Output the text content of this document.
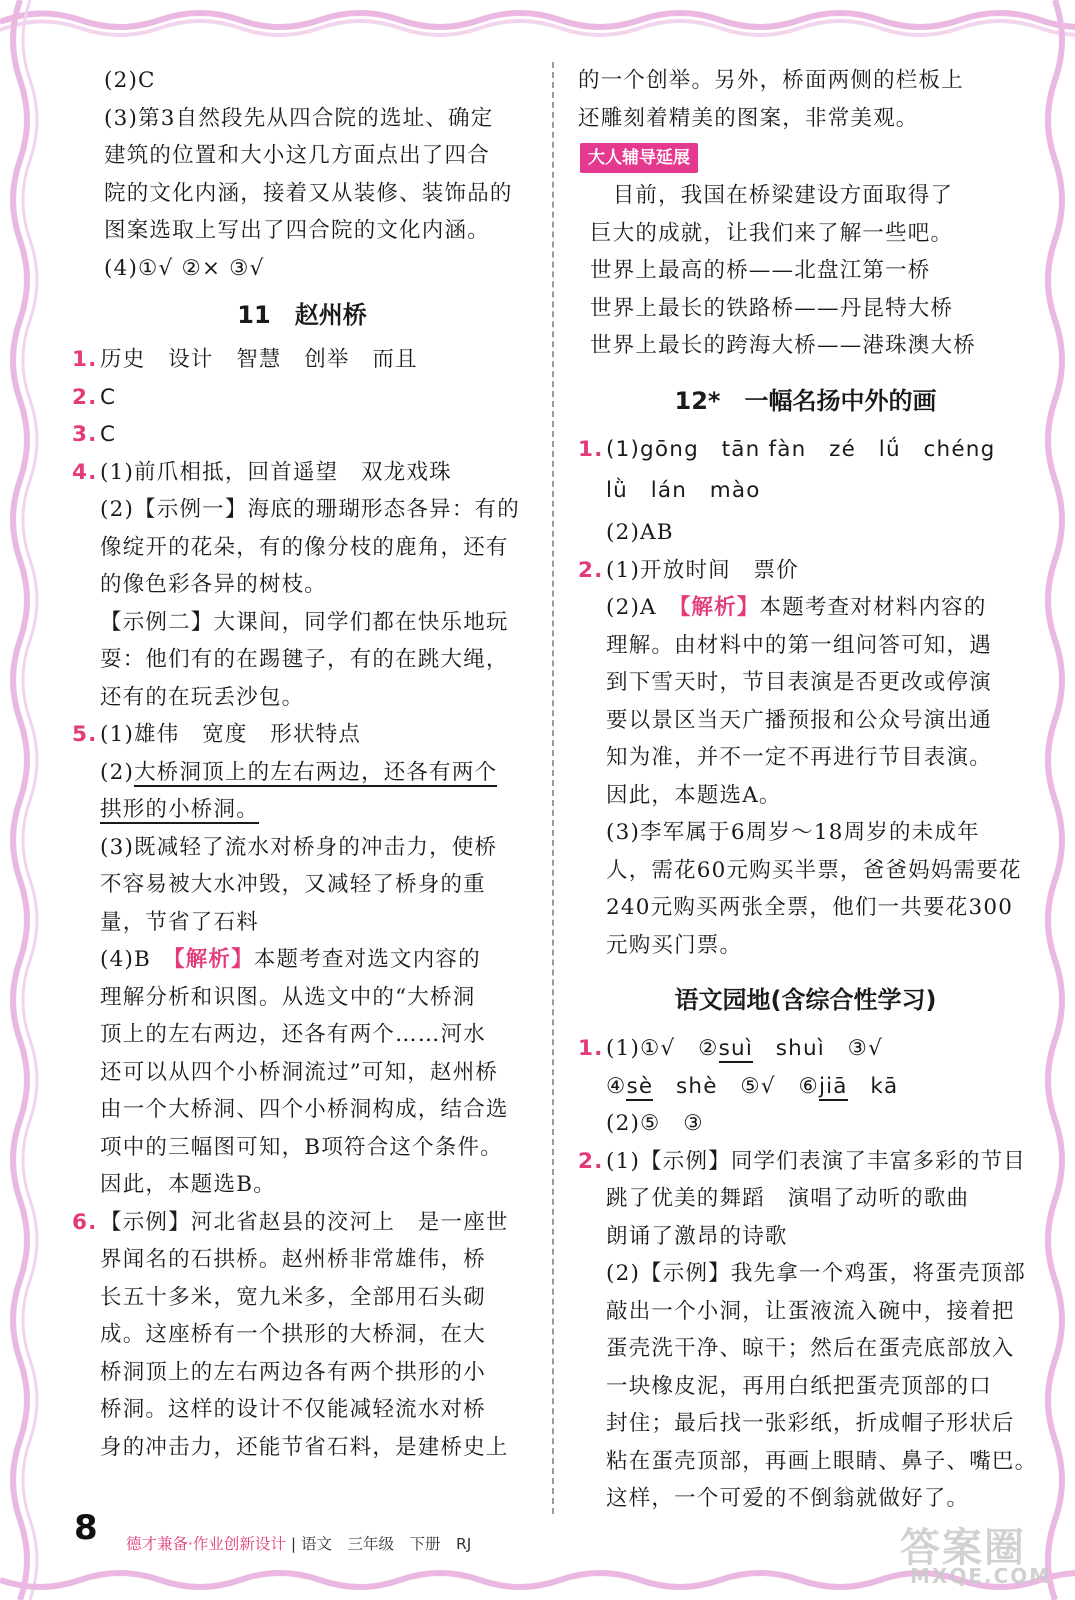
(2)C
(3)第3自然段先从四合院的选址、确定
建筑的位置和大小这几方面点出了四合
院的文化内涵，接着又从装修、装饰品的
图案选取上写出了四合院的文化内涵。
(4)①√ ②× ③√
11　赵州桥
1. 历史　设计　智慧　创举　而且
2. C
3. C
4. (1)前爪相抵，回首遥望　双龙戏珠
(2)【示例一】海底的珊瑚形态各异：有的
像绽开的花朵，有的像分枝的鹿角，还有
的像色彩各异的树枝。
【示例二】大课间，同学们都在快乐地玩
耍：他们有的在踢毽子，有的在跳大绳，
还有的在玩丢沙包。
5. (1)雄伟　宽度　形状特点
(2)大桥洞顶上的左右两边，还各有两个
拱形的小桥洞。
(3)既减轻了流水对桥身的冲击力，使桥
不容易被大水冲毁，又减轻了桥身的重
量，节省了石料
(4)B　【解析】本题考查对选文内容的
理解分析和识图。从选文中的“大桥洞
顶上的左右两边，还各有两个……河水
还可以从四个小桥洞流过”可知，赵州桥
由一个大桥洞、四个小桥洞构成，结合选
项中的三幅图可知，B项符合这个条件。
因此，本题选B。
6. 【示例】河北省赵县的洨河上　是一座世
界闻名的石拱桥。赵州桥非常雄伟，桥
长五十多米，宽九米多，全部用石头砌
成。这座桥有一个拱形的大桥洞，在大
桥洞顶上的左右两边各有两个拱形的小
桥洞。这样的设计不仅能减轻流水对桥
身的冲击力，还能节省石料，是建桥史上
的一个创举。另外，桥面两侧的栏板上
还雕刻着精美的图案，非常美观。
大人辅导延展
　目前，我国在桥梁建设方面取得了
巨大的成就，让我们来了解一些吧。
世界上最高的桥——北盘江第一桥
世界上最长的铁路桥——丹昆特大桥
世界上最长的跨海大桥——港珠澳大桥
12*　一幅名扬中外的画
1. (1)gōng　tān fàn　zé　lǘ　chéng
lǜ　lán　mào
(2)AB
2. (1)开放时间　票价
(2)A　【解析】本题考查对材料内容的
理解。由材料中的第一组问答可知，遇
到下雪天时，节目表演是否更改或停演
要以景区当天广播预报和公众号演出通
知为准，并不一定不再进行节目表演。
因此，本题选A。
(3)李军属于6周岁～18周岁的未成年
人，需花60元购买半票，爸爸妈妈需要花
240元购买两张全票，他们一共要花300
元购买门票。
语文园地(含综合性学习)
1. (1)①√　②suì　shuì　③√
④sè　shè　⑤√　⑥jiā　kā
(2)⑤　③
2. (1)【示例】同学们表演了丰富多彩的节目
跳了优美的舞蹈　演唱了动听的歌曲
朗诵了激昂的诗歌
(2)【示例】我先拿一个鸡蛋，将蛋壳顶部
敲出一个小洞，让蛋液流入碗中，接着把
蛋壳洗干净、晾干；然后在蛋壳底部放入
一块橡皮泥，再用白纸把蛋壳顶部的口
封住；最后找一张彩纸，折成帽子形状后
粘在蛋壳顶部，再画上眼睛、鼻子、嘴巴。
这样，一个可爱的不倒翁就做好了。
8 德才兼备·作业创新设计 | 语文　三年级　下册　RJ	答案圈
MXQE.COM
